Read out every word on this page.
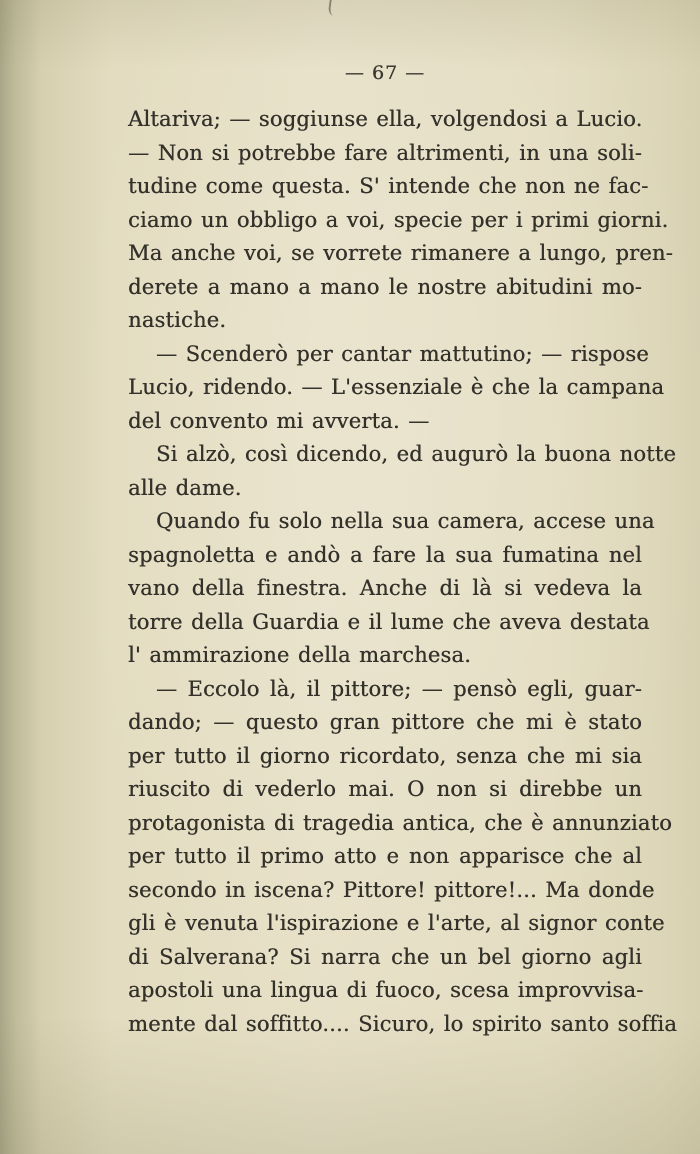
— 67 —
Altariva; — soggiunse ella, volgendosi a Lucio.
— Non si potrebbe fare altrimenti, in una soli-
tudine come questa. S' intende che non ne fac-
ciamo un obbligo a voi, specie per i primi giorni.
Ma anche voi, se vorrete rimanere a lungo, pren-
derete a mano a mano le nostre abitudini mo-
nastiche.
— Scenderò per cantar mattutino; — rispose
Lucio, ridendo. — L'essenziale è che la campana
del convento mi avverta. —
Si alzò, così dicendo, ed augurò la buona notte
alle dame.
Quando fu solo nella sua camera, accese una
spagnoletta e andò a fare la sua fumatina nel
vano della finestra. Anche di là si vedeva la
torre della Guardia e il lume che aveva destata
l' ammirazione della marchesa.
— Eccolo là, il pittore; — pensò egli, guar-
dando; — questo gran pittore che mi è stato
per tutto il giorno ricordato, senza che mi sia
riuscito di vederlo mai. O non si direbbe un
protagonista di tragedia antica, che è annunziato
per tutto il primo atto e non apparisce che al
secondo in iscena? Pittore! pittore!... Ma donde
gli è venuta l'ispirazione e l'arte, al signor conte
di Salverana? Si narra che un bel giorno agli
apostoli una lingua di fuoco, scesa improvvisa-
mente dal soffitto.... Sicuro, lo spirito santo soffia
